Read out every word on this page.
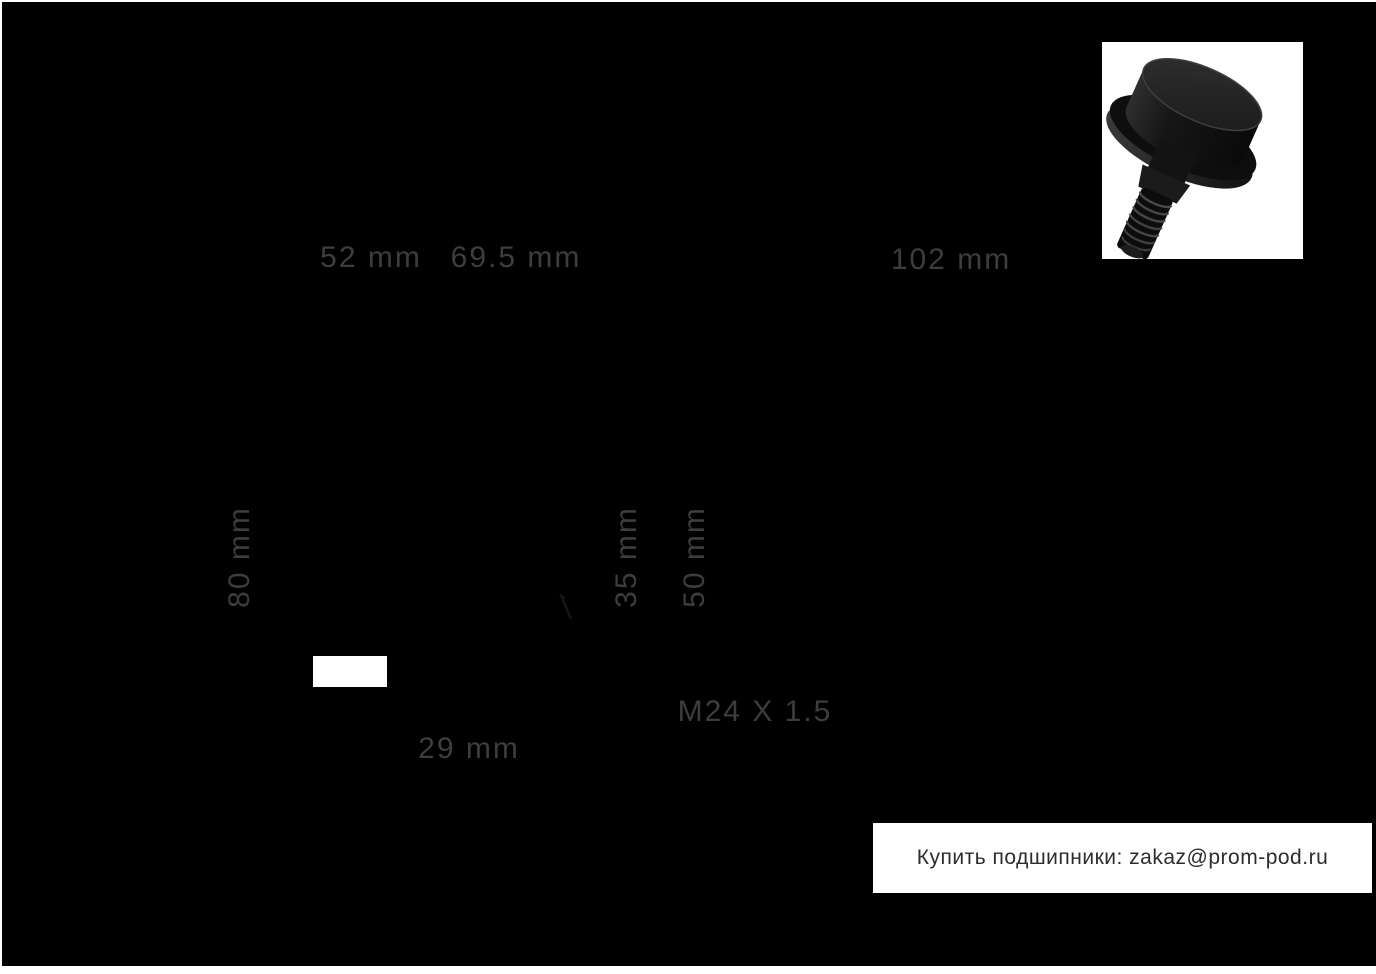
52 mm 69.5 mm	102 mm
29 mm
M24 X 1.5
80 mm	35 mm 50 mm
Купить подшипники: zakaz@prom-pod.ru
